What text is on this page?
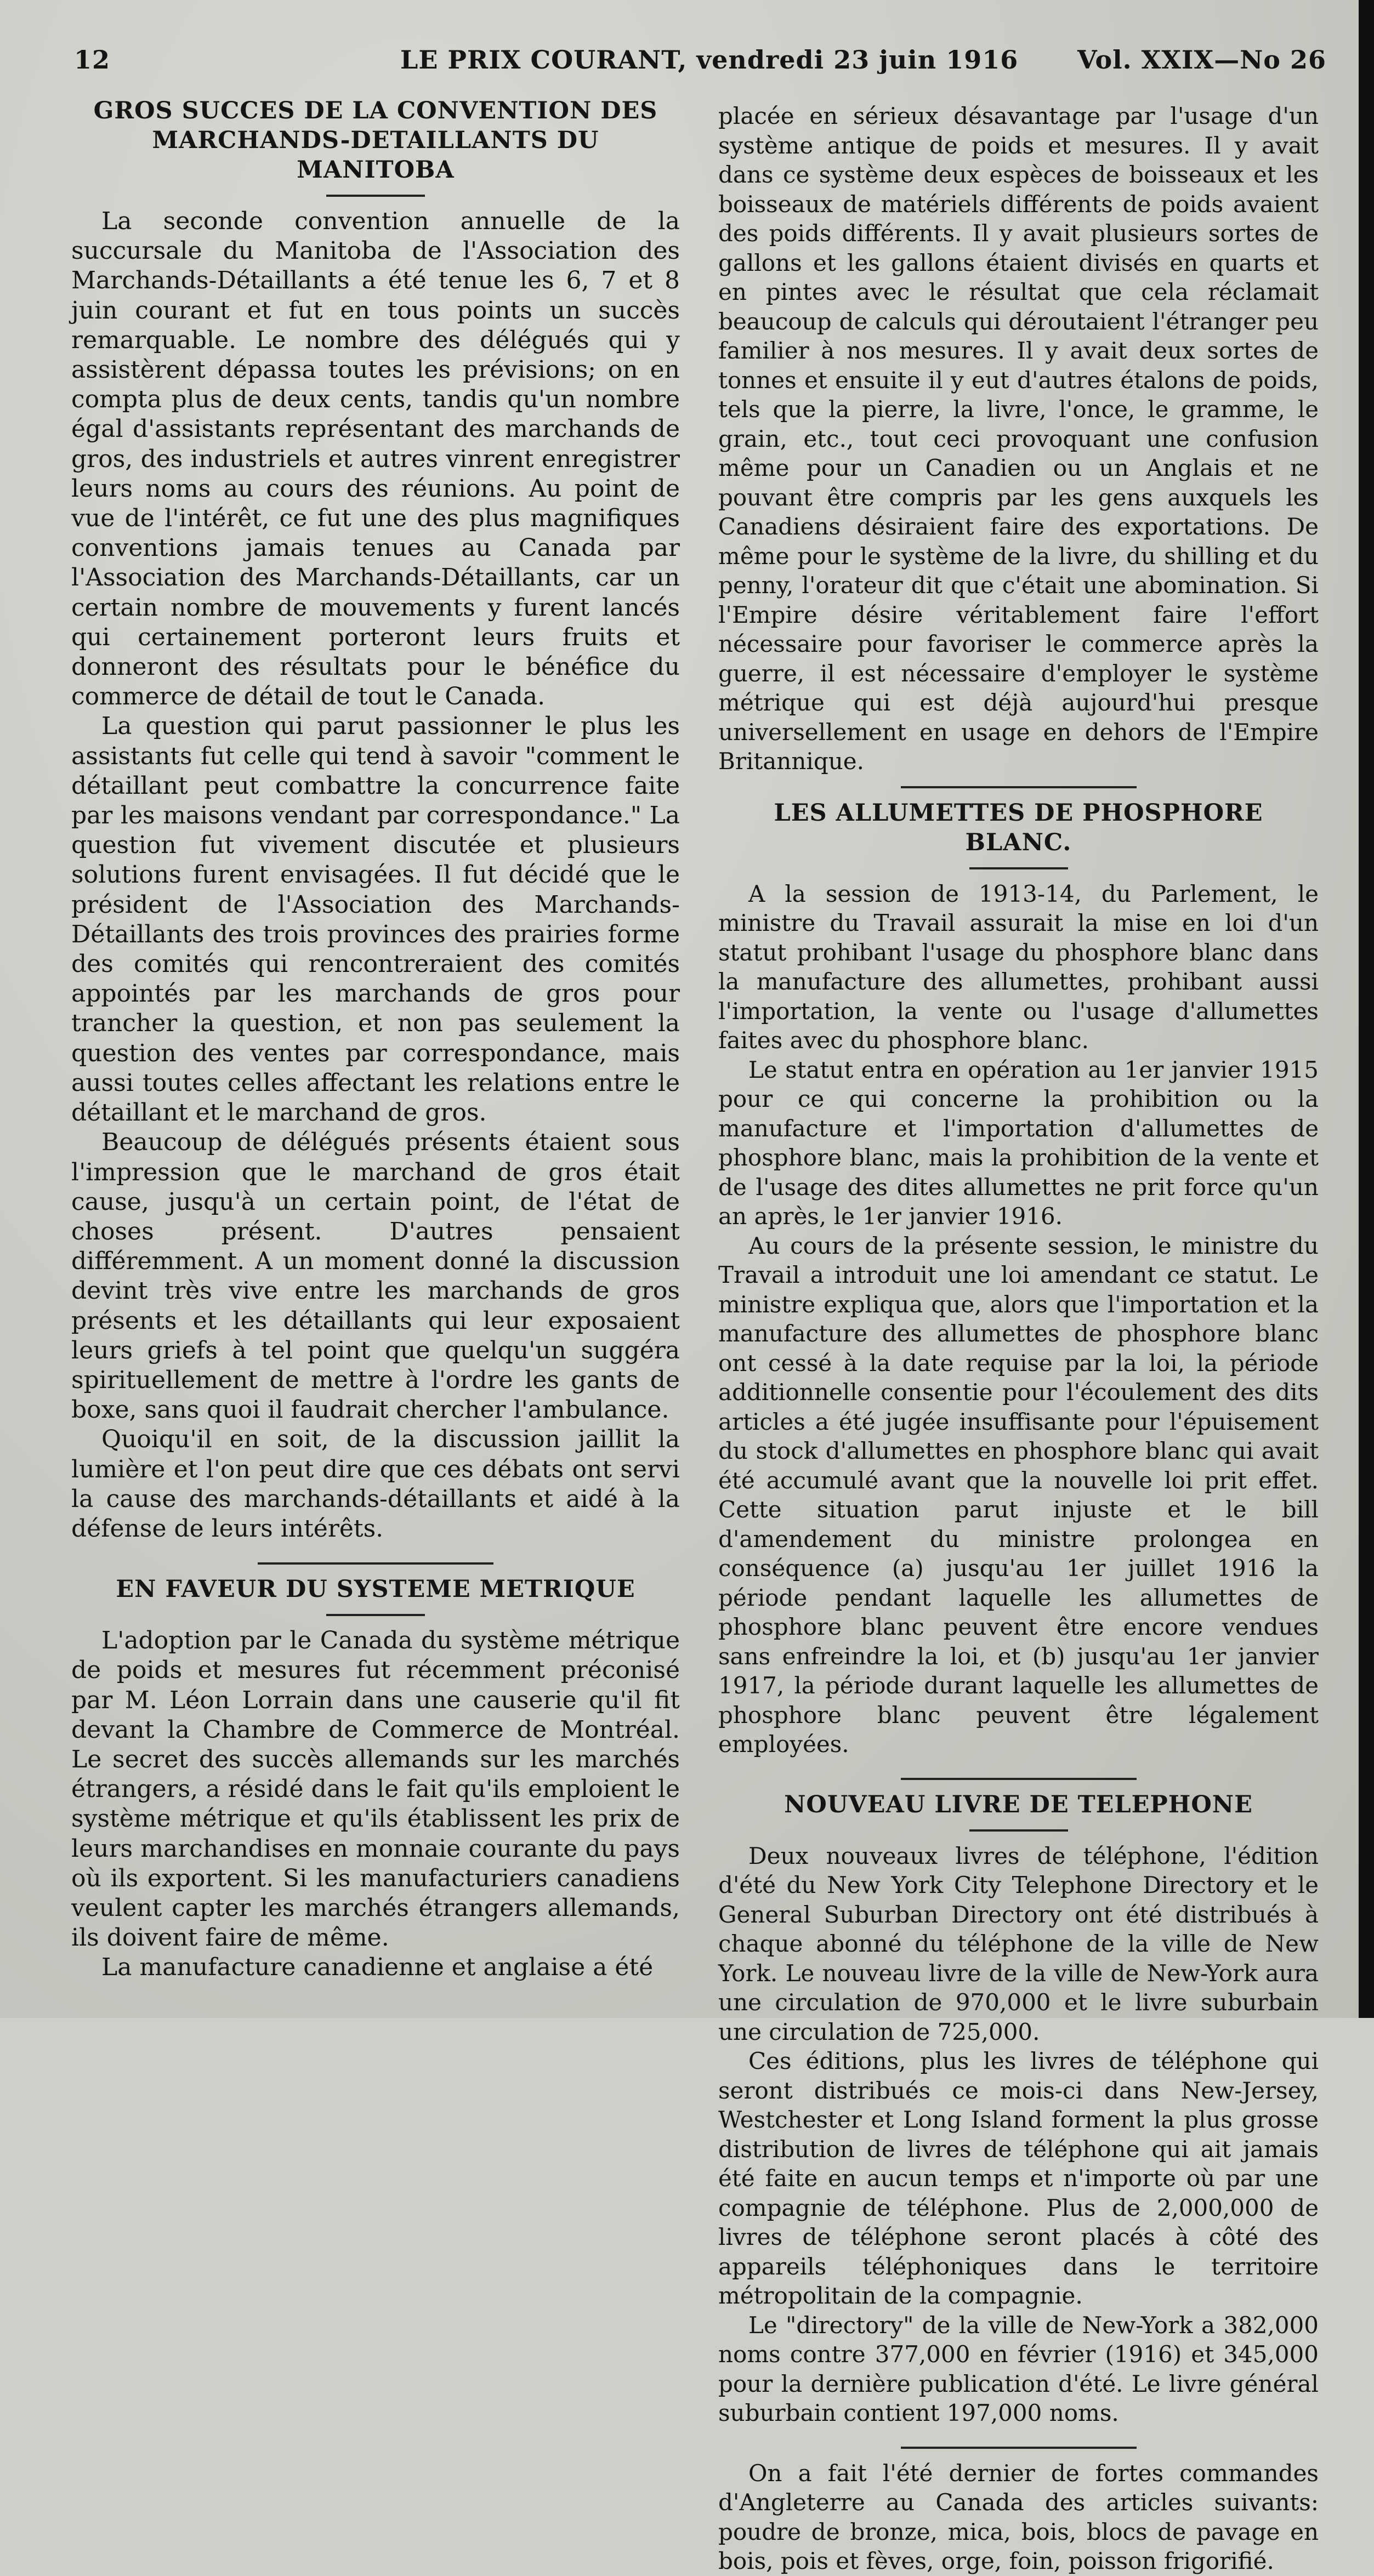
12	LE PRIX COURANT, vendredi 23 juin 1916 Vol. XXIX—No 26
GROS SUCCES DE LA CONVENTION DES MARCHANDS-DETAILLANTS DU MANITOBA

La seconde convention annuelle de la succursale du Manitoba de l'Association des Marchands-Détaillants a été tenue les 6, 7 et 8 juin courant et fut en tous points un succès remarquable. Le nombre des délégués qui y assistèrent dépassa toutes les prévisions; on en compta plus de deux cents, tandis qu'un nombre égal d'assistants représentant des marchands de gros, des industriels et autres vinrent enregistrer leurs noms au cours des réunions. Au point de vue de l'intérêt, ce fut une des plus magnifiques conventions jamais tenues au Canada par l'Association des Marchands-Détaillants, car un certain nombre de mouvements y furent lancés qui certainement porteront leurs fruits et donneront des résultats pour le bénéfice du commerce de détail de tout le Canada.

La question qui parut passionner le plus les assistants fut celle qui tend à savoir "comment le détaillant peut combattre la concurrence faite par les maisons vendant par correspondance." La question fut vivement discutée et plusieurs solutions furent envisagées. Il fut décidé que le président de l'Association des Marchands-Détaillants des trois provinces des prairies forme des comités qui rencontreraient des comités appointés par les marchands de gros pour trancher la question, et non pas seulement la question des ventes par correspondance, mais aussi toutes celles affectant les relations entre le détaillant et le marchand de gros.

Beaucoup de délégués présents étaient sous l'impression que le marchand de gros était cause, jusqu'à un certain point, de l'état de choses présent. D'autres pensaient différemment. A un moment donné la discussion devint très vive entre les marchands de gros présents et les détaillants qui leur exposaient leurs griefs à tel point que quelqu'un suggéra spirituellement de mettre à l'ordre les gants de boxe, sans quoi il faudrait chercher l'ambulance.

Quoiqu'il en soit, de la discussion jaillit la lumière et l'on peut dire que ces débats ont servi la cause des marchands-détaillants et aidé à la défense de leurs intérêts.

EN FAVEUR DU SYSTEME METRIQUE

L'adoption par le Canada du système métrique de poids et mesures fut récemment préconisé par M. Léon Lorrain dans une causerie qu'il fit devant la Chambre de Commerce de Montréal. Le secret des succès allemands sur les marchés étrangers, a résidé dans le fait qu'ils emploient le système métrique et qu'ils établissent les prix de leurs marchandises en monnaie courante du pays où ils exportent. Si les manufacturiers canadiens veulent capter les marchés étrangers allemands, ils doivent faire de même.

La manufacture canadienne et anglaise a été

placée en sérieux désavantage par l'usage d'un système antique de poids et mesures. Il y avait dans ce système deux espèces de boisseaux et les boisseaux de matériels différents de poids avaient des poids différents. Il y avait plusieurs sortes de gallons et les gallons étaient divisés en quarts et en pintes avec le résultat que cela réclamait beaucoup de calculs qui déroutaient l'étranger peu familier à nos mesures. Il y avait deux sortes de tonnes et ensuite il y eut d'autres étalons de poids, tels que la pierre, la livre, l'once, le gramme, le grain, etc., tout ceci provoquant une confusion même pour un Canadien ou un Anglais et ne pouvant être compris par les gens auxquels les Canadiens désiraient faire des exportations. De même pour le système de la livre, du shilling et du penny, l'orateur dit que c'était une abomination. Si l'Empire désire véritablement faire l'effort nécessaire pour favoriser le commerce après la guerre, il est nécessaire d'employer le système métrique qui est déjà aujourd'hui presque universellement en usage en dehors de l'Empire Britannique.

LES ALLUMETTES DE PHOSPHORE BLANC.

A la session de 1913-14, du Parlement, le ministre du Travail assurait la mise en loi d'un statut prohibant l'usage du phosphore blanc dans la manufacture des allumettes, prohibant aussi l'importation, la vente ou l'usage d'allumettes faites avec du phosphore blanc.

Le statut entra en opération au 1er janvier 1915 pour ce qui concerne la prohibition ou la manufacture et l'importation d'allumettes de phosphore blanc, mais la prohibition de la vente et de l'usage des dites allumettes ne prit force qu'un an après, le 1er janvier 1916.

Au cours de la présente session, le ministre du Travail a introduit une loi amendant ce statut. Le ministre expliqua que, alors que l'importation et la manufacture des allumettes de phosphore blanc ont cessé à la date requise par la loi, la période additionnelle consentie pour l'écoulement des dits articles a été jugée insuffisante pour l'épuisement du stock d'allumettes en phosphore blanc qui avait été accumulé avant que la nouvelle loi prit effet. Cette situation parut injuste et le bill d'amendement du ministre prolongea en conséquence (a) jusqu'au 1er juillet 1916 la période pendant laquelle les allumettes de phosphore blanc peuvent être encore vendues sans enfreindre la loi, et (b) jusqu'au 1er janvier 1917, la période durant laquelle les allumettes de phosphore blanc peuvent être légalement employées.

NOUVEAU LIVRE DE TELEPHONE

Deux nouveaux livres de téléphone, l'édition d'été du New York City Telephone Directory et le General Suburban Directory ont été distribués à chaque abonné du téléphone de la ville de New York. Le nouveau livre de la ville de New-York aura une circulation de 970,000 et le livre suburbain une circulation de 725,000.

Ces éditions, plus les livres de téléphone qui seront distribués ce mois-ci dans New-Jersey, Westchester et Long Island forment la plus grosse distribution de livres de téléphone qui ait jamais été faite en aucun temps et n'importe où par une compagnie de téléphone. Plus de 2,000,000 de livres de téléphone seront placés à côté des appareils téléphoniques dans le territoire métropolitain de la compagnie.

Le "directory" de la ville de New-York a 382,000 noms contre 377,000 en février (1916) et 345,000 pour la dernière publication d'été. Le livre général suburbain contient 197,000 noms.

On a fait l'été dernier de fortes commandes d'Angleterre au Canada des articles suivants: poudre de bronze, mica, bois, blocs de pavage en bois, pois et fèves, orge, foin, poisson frigorifié.
